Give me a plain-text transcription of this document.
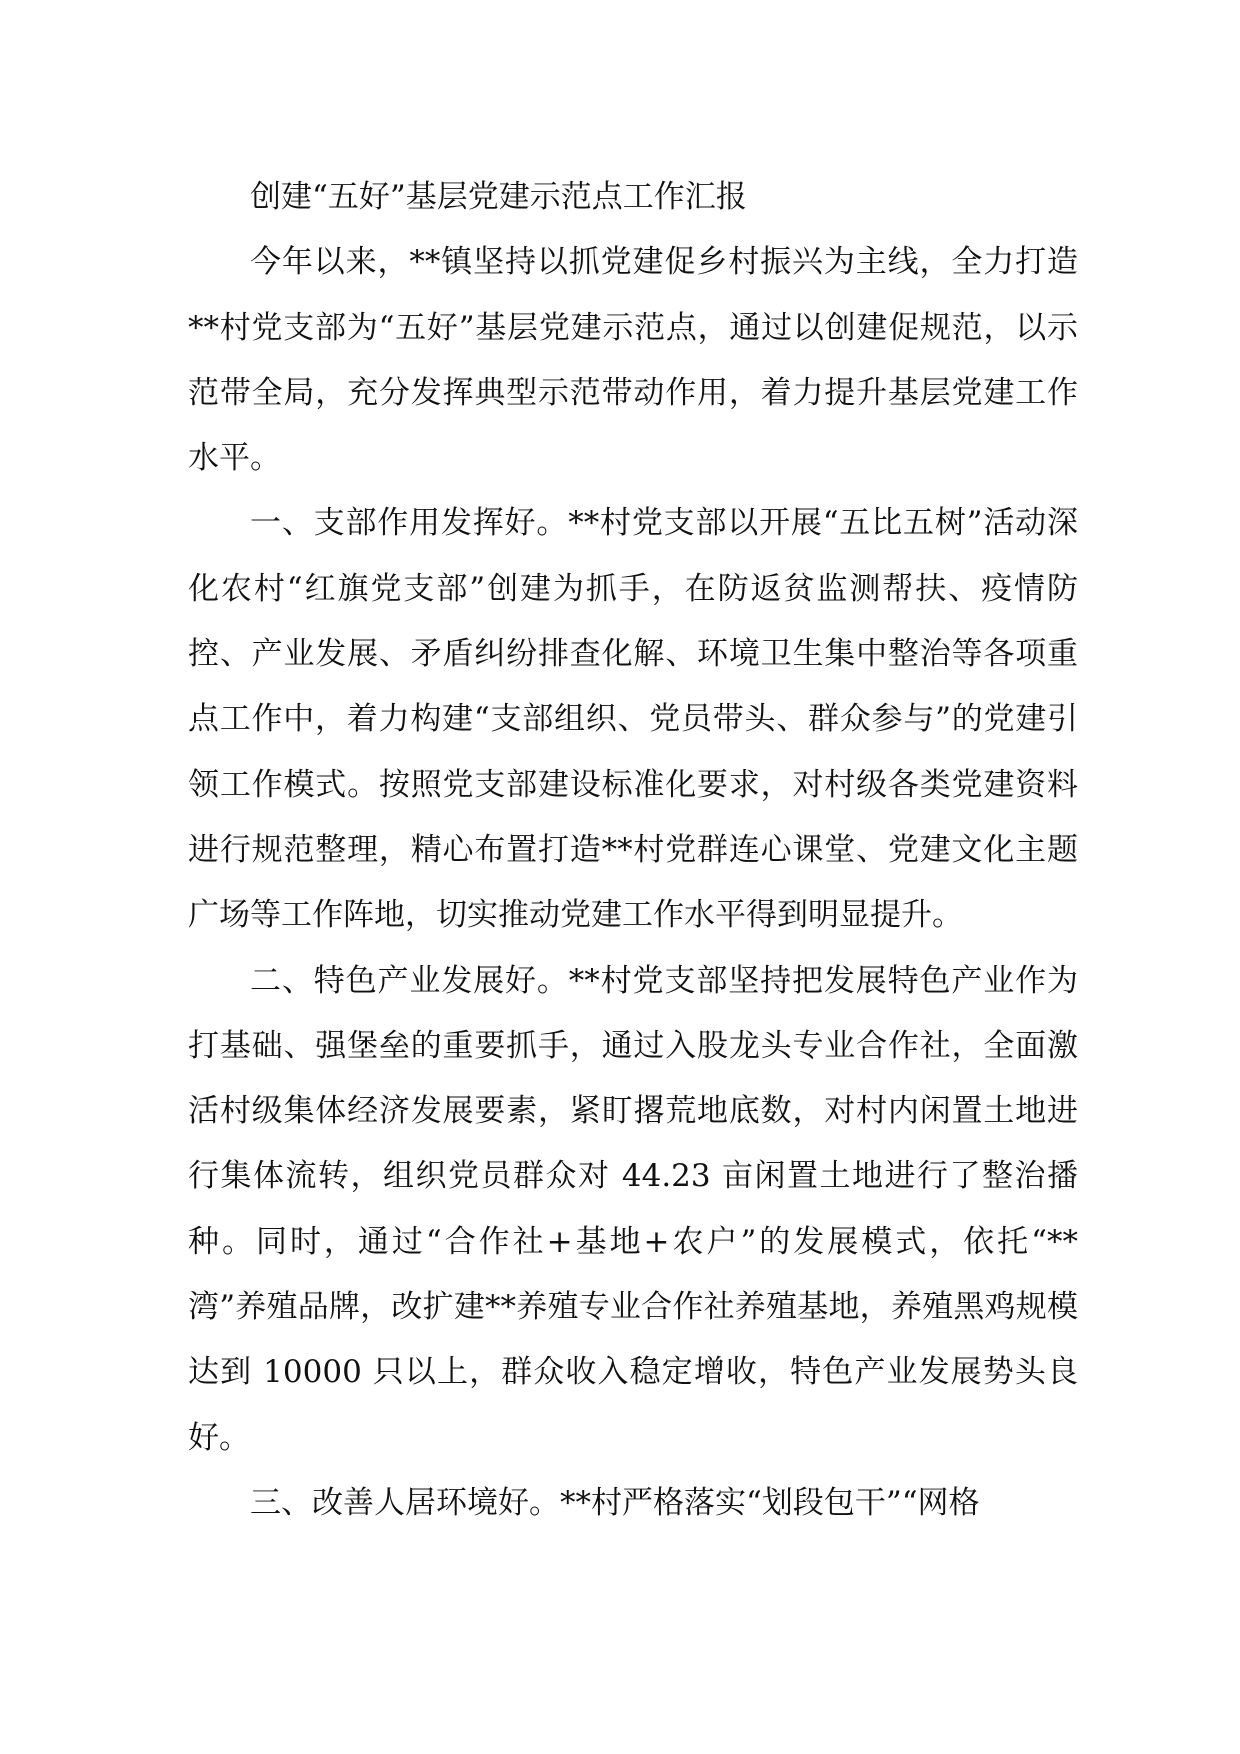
创建“五好”基层党建示范点工作汇报

今年以来，**镇坚持以抓党建促乡村振兴为主线，全力打造**村党支部为“五好”基层党建示范点，通过以创建促规范，以示范带全局，充分发挥典型示范带动作用，着力提升基层党建工作水平。

一、支部作用发挥好。**村党支部以开展“五比五树”活动深化农村“红旗党支部”创建为抓手，在防返贫监测帮扶、疫情防控、产业发展、矛盾纠纷排查化解、环境卫生集中整治等各项重点工作中，着力构建“支部组织、党员带头、群众参与”的党建引领工作模式。按照党支部建设标准化要求，对村级各类党建资料进行规范整理，精心布置打造**村党群连心课堂、党建文化主题广场等工作阵地，切实推动党建工作水平得到明显提升。

二、特色产业发展好。**村党支部坚持把发展特色产业作为打基础、强堡垒的重要抓手，通过入股龙头专业合作社，全面激活村级集体经济发展要素，紧盯撂荒地底数，对村内闲置土地进行集体流转，组织党员群众对 44.23 亩闲置土地进行了整治播种。同时，通过“合作社+基地+农户”的发展模式，依托“**湾”养殖品牌，改扩建**养殖专业合作社养殖基地，养殖黑鸡规模达到 10000 只以上，群众收入稳定增收，特色产业发展势头良好。

三、改善人居环境好。**村严格落实“划段包干”“网格
